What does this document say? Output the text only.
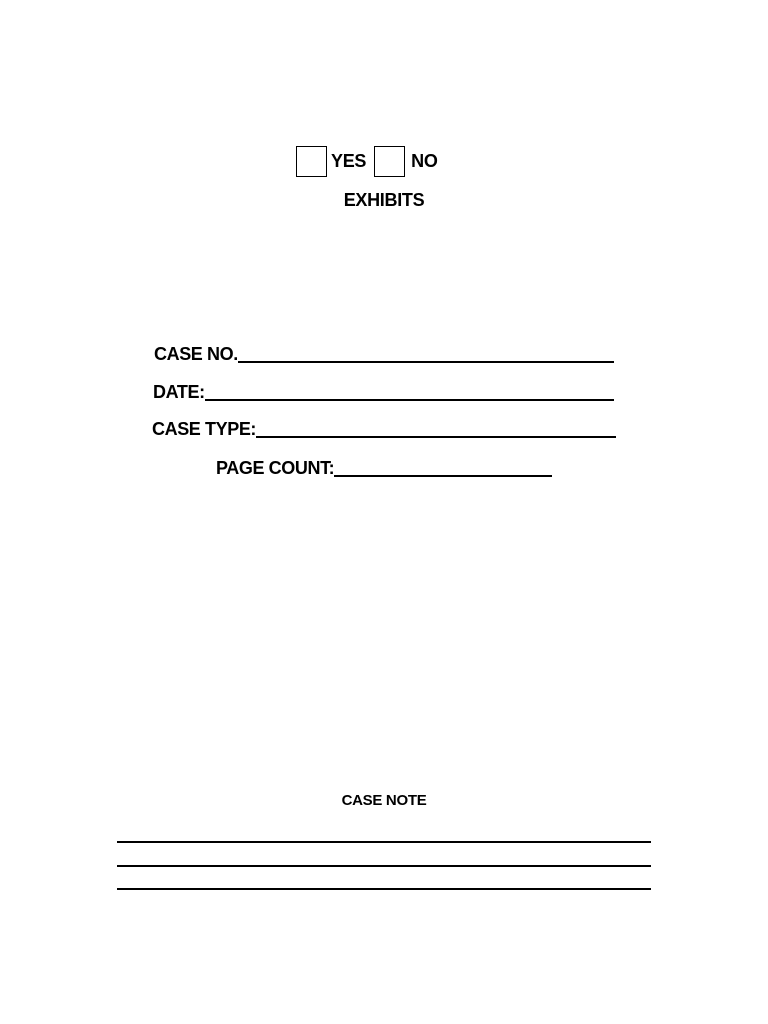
YES	NO
EXHIBITS
CASE NO.
DATE:
CASE TYPE:
PAGE COUNT:
CASE NOTE
